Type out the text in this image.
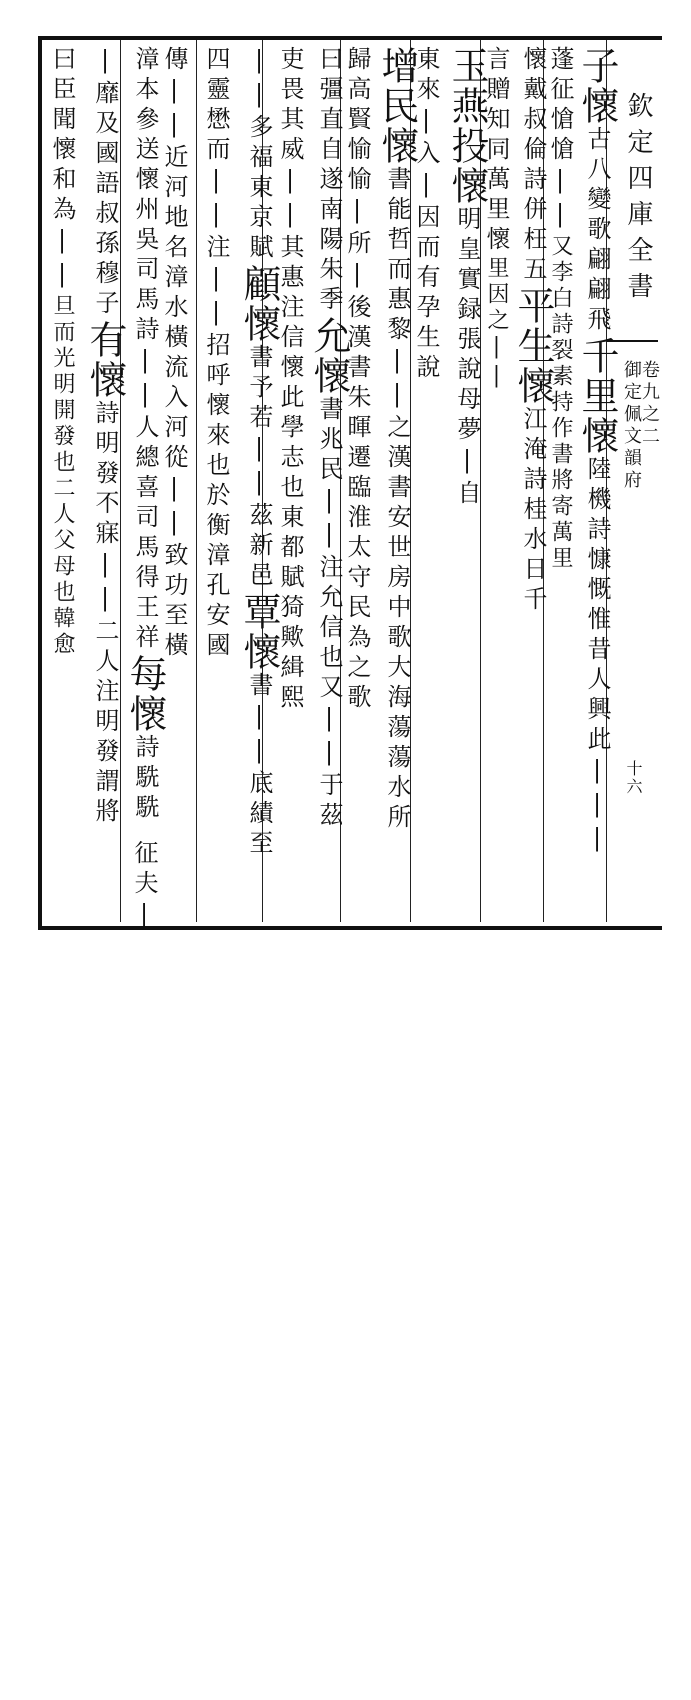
欽定四庫全書
御定佩文韻府
卷九之二
十六
子懷古八變歌翩翩飛千里懷陸機詩慷慨惟昔人興此|||
蓬征愴愴||又李白詩裂素持作書將寄萬里
懷戴叔倫詩併枉五平生懷江淹詩桂水日千
言贈知同萬里懷里因之||
玉燕投懷明皇實録張說母夢|自
東來|入|因而有孕生說
增民懷書能哲而惠黎||之漢書安世房中歌大海蕩蕩水所
歸高賢愉愉|所|後漢書朱暉遷臨淮太守民為之歌
曰彊直自遂南陽朱季允懷書兆民||注允信也又||于茲
吏畏其威||其惠注信懷此學志也東都賦猗歟緝熙
||多福東京賦顧懷書予若||茲新邑覃懷書||底績至
四靈懋而||注||招呼懷來也於衡漳孔安國
傳||近河地名漳水橫流入河從||致功至橫
漳本參送懷州吳司馬詩||人總喜司馬得王祥每懷詩駪駪
|靡及國語叔孫穆子有懷詩明發不寐||二人注明發謂將
征夫|
曰臣聞懷和為||旦而光明開發也二人父母也韓愈
